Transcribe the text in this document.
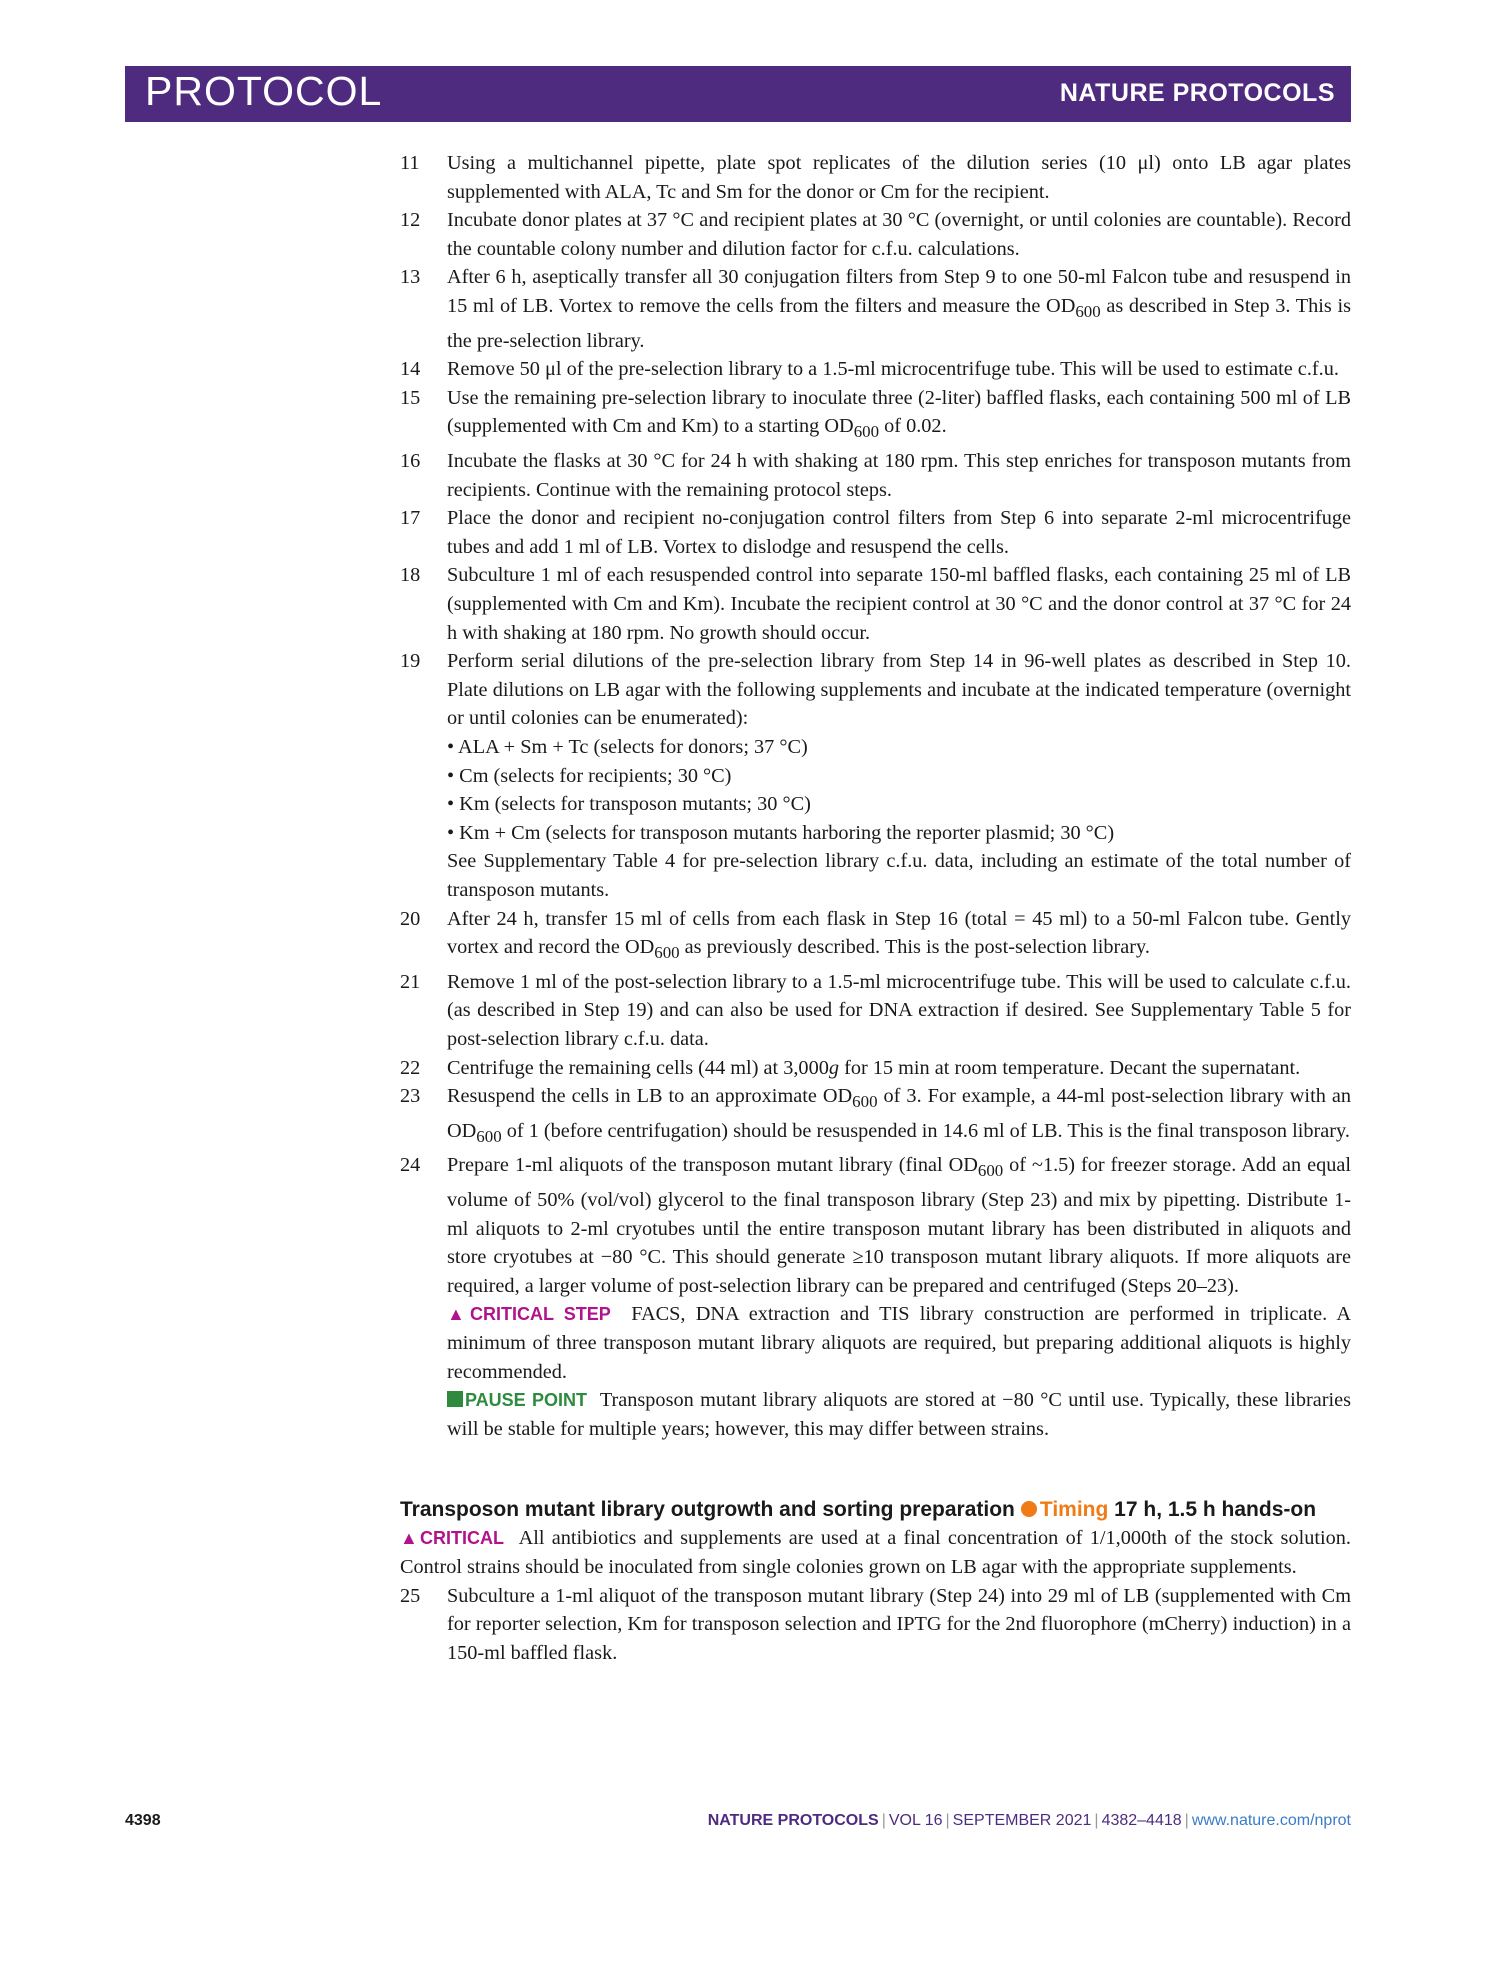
PROTOCOL	NATURE PROTOCOLS
11	Using a multichannel pipette, plate spot replicates of the dilution series (10 μl) onto LB agar plates supplemented with ALA, Tc and Sm for the donor or Cm for the recipient.
12	Incubate donor plates at 37 °C and recipient plates at 30 °C (overnight, or until colonies are countable). Record the countable colony number and dilution factor for c.f.u. calculations.
13	After 6 h, aseptically transfer all 30 conjugation filters from Step 9 to one 50-ml Falcon tube and resuspend in 15 ml of LB. Vortex to remove the cells from the filters and measure the $OD_{600}$ as described in Step 3. This is the pre-selection library.
14	Remove 50 μl of the pre-selection library to a 1.5-ml microcentrifuge tube. This will be used to estimate c.f.u.
15	Use the remaining pre-selection library to inoculate three (2-liter) baffled flasks, each containing 500 ml of LB (supplemented with Cm and Km) to a starting $OD_{600}$ of 0.02.
16	Incubate the flasks at 30 °C for 24 h with shaking at 180 rpm. This step enriches for transposon mutants from recipients. Continue with the remaining protocol steps.
17	Place the donor and recipient no-conjugation control filters from Step 6 into separate 2-ml microcentrifuge tubes and add 1 ml of LB. Vortex to dislodge and resuspend the cells.
18	Subculture 1 ml of each resuspended control into separate 150-ml baffled flasks, each containing 25 ml of LB (supplemented with Cm and Km). Incubate the recipient control at 30 °C and the donor control at 37 °C for 24 h with shaking at 180 rpm. No growth should occur.
19	Perform serial dilutions of the pre-selection library from Step 14 in 96-well plates as described in Step 10. Plate dilutions on LB agar with the following supplements and incubate at the indicated temperature (overnight or until colonies can be enumerated):

• ALA + Sm + Tc (selects for donors; 37 °C)

• Cm (selects for recipients; 30 °C)

• Km (selects for transposon mutants; 30 °C)

• Km + Cm (selects for transposon mutants harboring the reporter plasmid; 30 °C)

See Supplementary Table 4 for pre-selection library c.f.u. data, including an estimate of the total number of transposon mutants.

20	After 24 h, transfer 15 ml of cells from each flask in Step 16 (total = 45 ml) to a 50-ml Falcon tube. Gently vortex and record the $OD_{600}$ as previously described. This is the post-selection library.
21	Remove 1 ml of the post-selection library to a 1.5-ml microcentrifuge tube. This will be used to calculate c.f.u. (as described in Step 19) and can also be used for DNA extraction if desired. See Supplementary Table 5 for post-selection library c.f.u. data.
22	Centrifuge the remaining cells (44 ml) at 3,000g for 15 min at room temperature. Decant the supernatant.
23	Resuspend the cells in LB to an approximate $OD_{600}$ of 3. For example, a 44-ml post-selection library with an $OD_{600}$ of 1 (before centrifugation) should be resuspended in 14.6 ml of LB. This is the final transposon library.
24	Prepare 1-ml aliquots of the transposon mutant library (final $OD_{600}$ of ~1.5) for freezer storage. Add an equal volume of 50% (vol/vol) glycerol to the final transposon library (Step 23) and mix by pipetting. Distribute 1-ml aliquots to 2-ml cryotubes until the entire transposon mutant library has been distributed in aliquots and store cryotubes at −80 °C. This should generate ≥10 transposon mutant library aliquots. If more aliquots are required, a larger volume of post-selection library can be prepared and centrifuged (Steps 20–23).

▲CRITICAL STEP FACS, DNA extraction and TIS library construction are performed in triplicate. A minimum of three transposon mutant library aliquots are required, but preparing additional aliquots is highly recommended.

PAUSE POINT Transposon mutant library aliquots are stored at −80 °C until use. Typically, these libraries will be stable for multiple years; however, this may differ between strains.

Transposon mutant library outgrowth and sorting preparation Timing 17 h, 1.5 h hands-on

▲CRITICAL All antibiotics and supplements are used at a final concentration of 1/1,000th of the stock solution. Control strains should be inoculated from single colonies grown on LB agar with the appropriate supplements.

25	Subculture a 1-ml aliquot of the transposon mutant library (Step 24) into 29 ml of LB (supplemented with Cm for reporter selection, Km for transposon selection and IPTG for the 2nd fluorophore (mCherry) induction) in a 150-ml baffled flask.
4398	NATURE PROTOCOLS | VOL 16 | SEPTEMBER 2021 | 4382–4418 | www.nature.com/nprot
